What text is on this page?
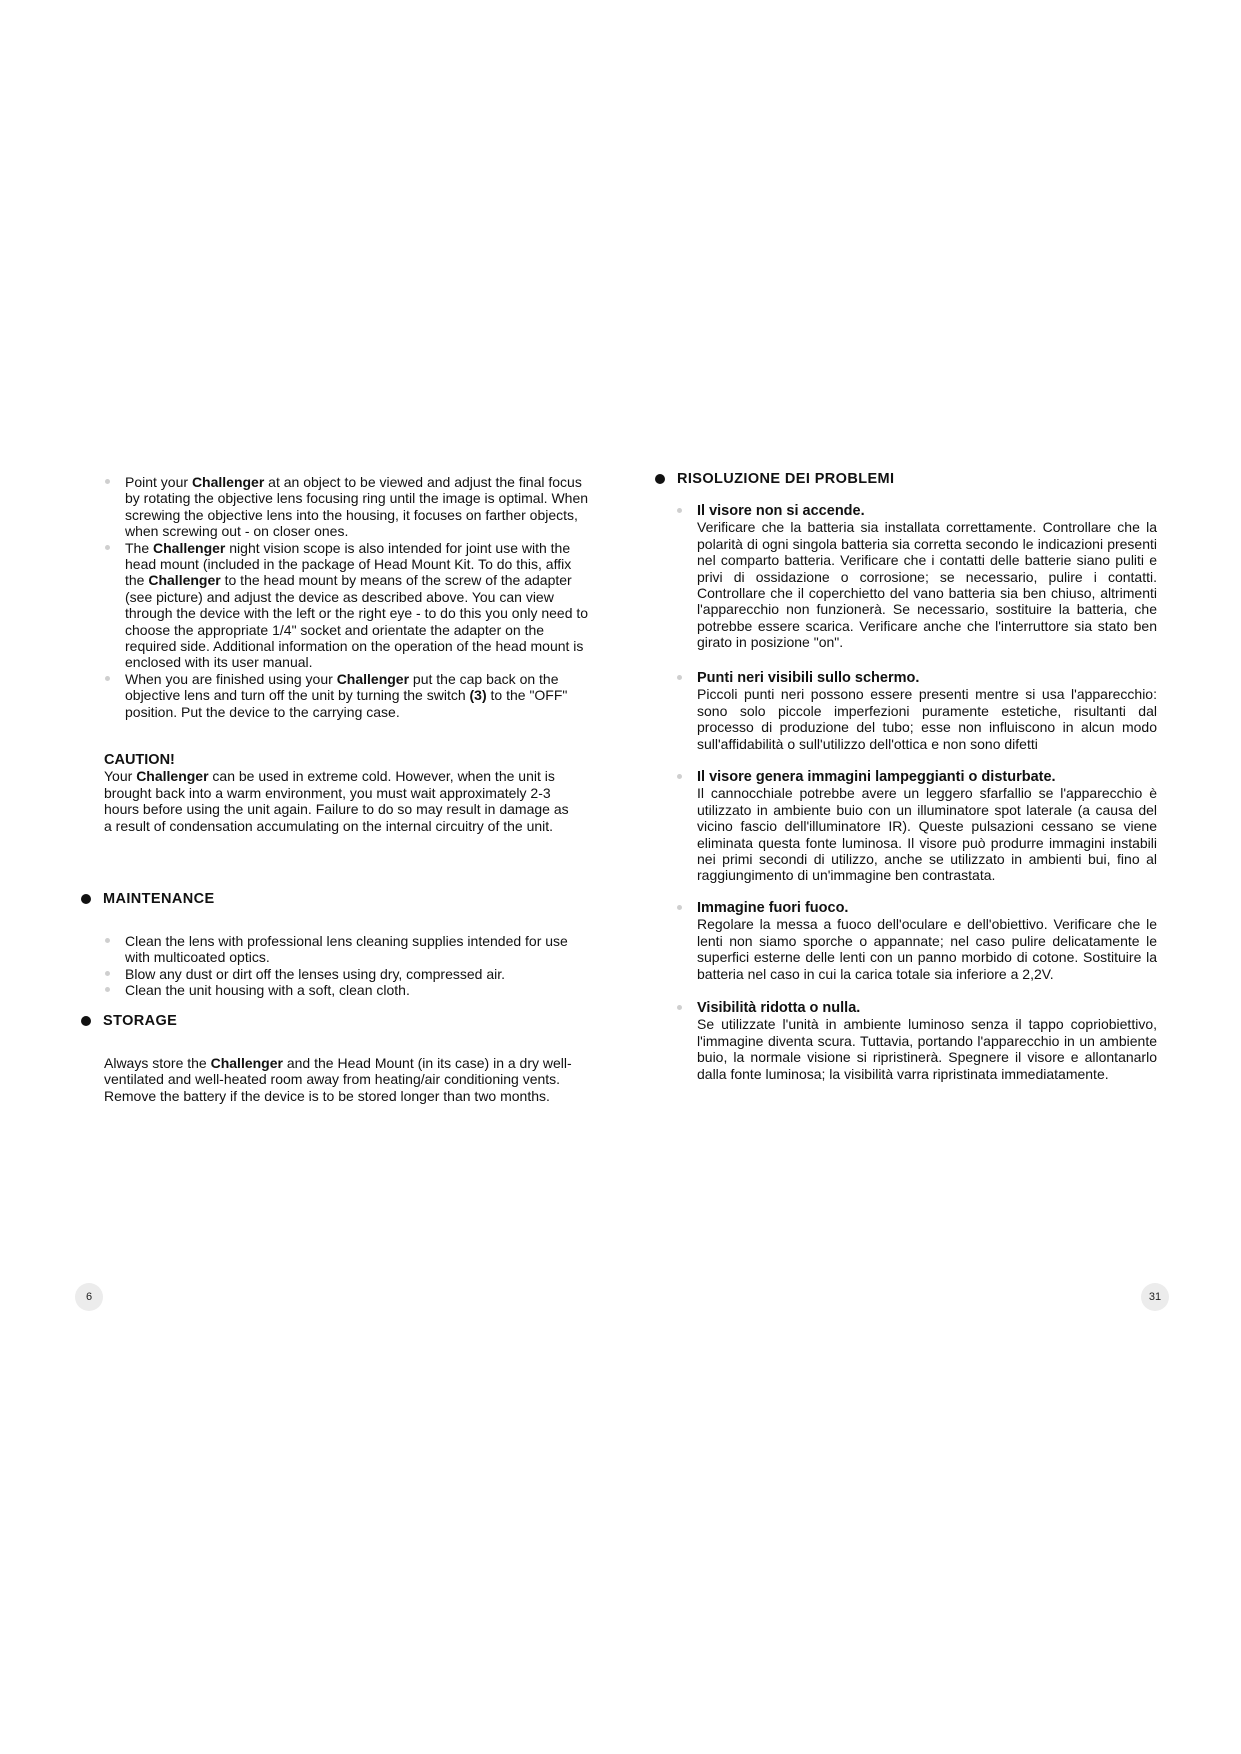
Point your Challenger at an object to be viewed and adjust the final focus by rotating the objective lens focusing ring until the image is optimal. When screwing the objective lens into the housing, it focuses on farther objects, when screwing out - on closer ones.
The Challenger night vision scope is also intended for joint use with the head mount (included in the package of Head Mount Kit. To do this, affix the Challenger to the head mount by means of the screw of the adapter (see picture) and adjust the device as described above. You can view through the device with the left or the right eye - to do this you only need to choose the appropriate 1/4" socket and orientate the adapter on the required side. Additional information on the operation of the head mount is enclosed with its user manual.
When you are finished using your Challenger put the cap back on the objective lens and turn off the unit by turning the switch (3) to the "OFF" position. Put the device to the carrying case.
CAUTION!
Your Challenger can be used in extreme cold. However, when the unit is brought back into a warm environment, you must wait approximately 2-3 hours before using the unit again. Failure to do so may result in damage as a result of condensation accumulating on the internal circuitry of the unit.
MAINTENANCE
Clean the lens with professional lens cleaning supplies intended for use with multicoated optics.
Blow any dust or dirt off the lenses using dry, compressed air.
Clean the unit housing with a soft, clean cloth.
STORAGE
Always store the Challenger and the Head Mount (in its case) in a dry well-ventilated and well-heated room away from heating/air conditioning vents. Remove the battery if the device is to be stored longer than two months.
6
RISOLUZIONE DEI PROBLEMI
Il visore non si accende.
Verificare che la batteria sia installata correttamente. Controllare che la polarità di ogni singola batteria sia corretta secondo le indicazioni presenti nel comparto batteria. Verificare che i contatti delle batterie siano puliti e privi di ossidazione o corrosione; se necessario, pulire i contatti. Controllare che il coperchietto del vano batteria sia ben chiuso, altrimenti l'apparecchio non funzionerà. Se necessario, sostituire la batteria, che potrebbe essere scarica. Verificare anche che l'interruttore sia stato ben girato in posizione "on".
Punti neri visibili sullo schermo.
Piccoli punti neri possono essere presenti mentre si usa l'apparecchio: sono solo piccole imperfezioni puramente estetiche, risultanti dal processo di produzione del tubo; esse non influiscono in alcun modo sull'affidabilità o sull'utilizzo dell'ottica e non sono difetti
Il visore genera immagini lampeggianti o disturbate.
Il cannocchiale potrebbe avere un leggero sfarfallio se l'apparecchio è utilizzato in ambiente buio con un illuminatore spot laterale (a causa del vicino fascio dell'illuminatore IR). Queste pulsazioni cessano se viene eliminata questa fonte luminosa. Il visore può produrre immagini instabili nei primi secondi di utilizzo, anche se utilizzato in ambienti bui, fino al raggiungimento di un'immagine ben contrastata.
Immagine fuori fuoco.
Regolare la messa a fuoco dell'oculare e dell'obiettivo. Verificare che le lenti non siamo sporche o appannate; nel caso pulire delicatamente le superfici esterne delle lenti con un panno morbido di cotone. Sostituire la batteria nel caso in cui la carica totale sia inferiore a 2,2V.
Visibilità ridotta o nulla.
Se utilizzate l'unità in ambiente luminoso senza il tappo copriobiettivo, l'immagine diventa scura. Tuttavia, portando l'apparecchio in un ambiente buio, la normale visione si ripristinerà. Spegnere il visore e allontanarlo dalla fonte luminosa; la visibilità varra ripristinata immediatamente.
31
